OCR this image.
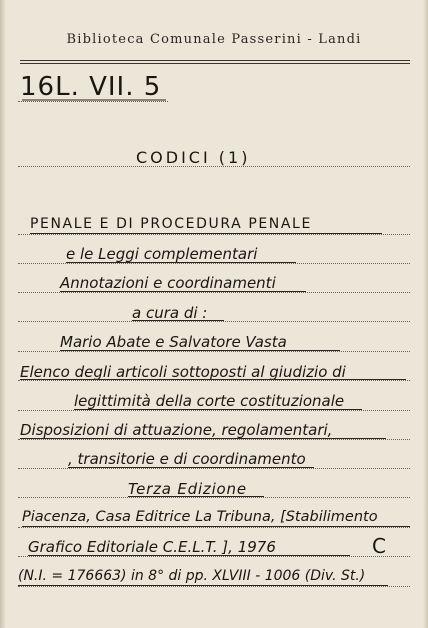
Biblioteca Comunale Passerini - Landi
16L. VII. 5
CODICI (1)
PENALE E DI PROCEDURA PENALE
e le Leggi complementari
Annotazioni e coordinamenti
a cura di :
Mario Abate e Salvatore Vasta
Elenco degli articoli sottoposti al giudizio di
legittimità della corte costituzionale
Disposizioni di attuazione, regolamentari,
, transitorie e di coordinamento
Terza Edizione
Piacenza, Casa Editrice La Tribuna, [Stabilimento
Grafico Editoriale C.E.L.T. ], 1976	C
(N.I. = 176663) in 8° di pp. XLVIII - 1006 (Div. St.)
